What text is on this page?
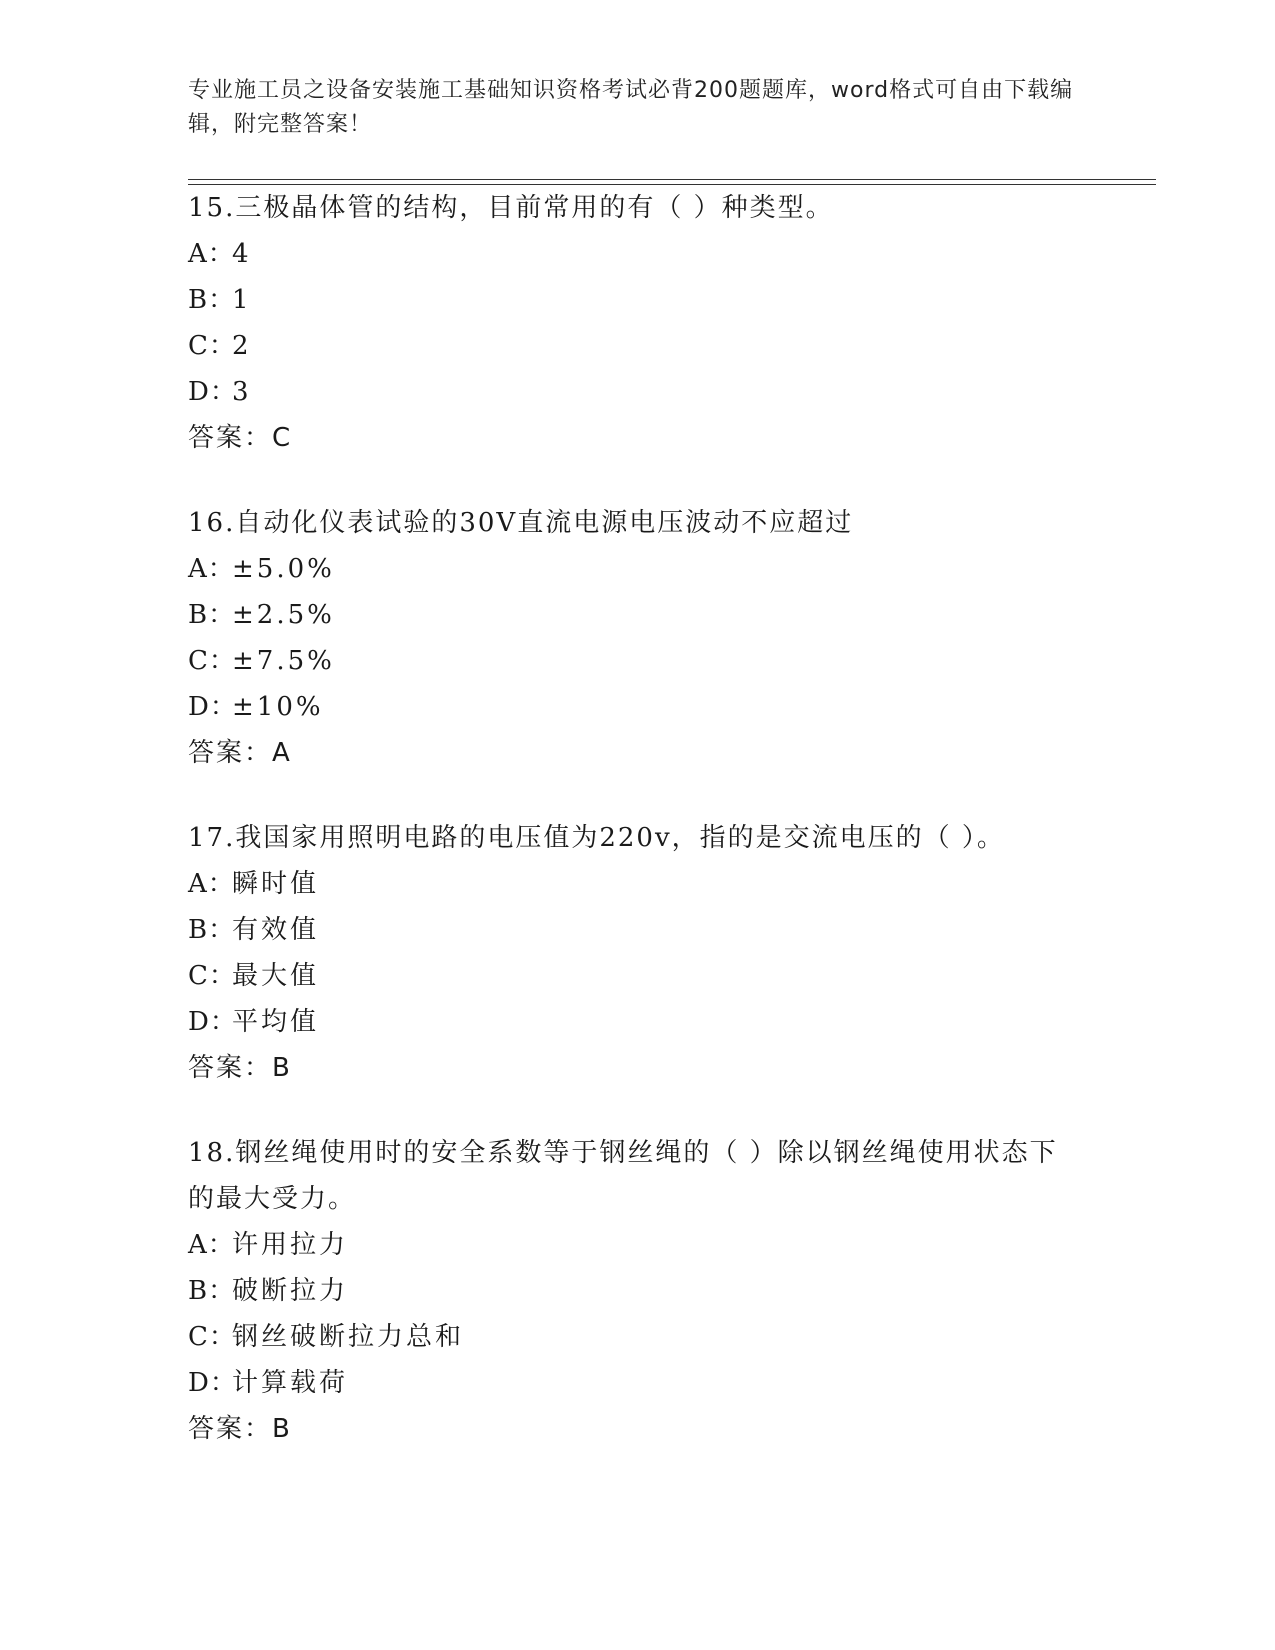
专业施工员之设备安装施工基础知识资格考试必背200题题库，word格式可自由下载编辑，附完整答案！

15.三极晶体管的结构，目前常用的有（ ）种类型。

A：
4
B：
1
C：
2
D：
3
答案：C

16.自动化仪表试验的30V直流电源电压波动不应超过

A：
±5.0%
B：
±2.5%
C：
±7.5%
D：
±10%
答案：A

17.我国家用照明电路的电压值为220v，指的是交流电压的（ ）。

A：
瞬时值
B：
有效值
C：
最大值
D：
平均值
答案：B

18.钢丝绳使用时的安全系数等于钢丝绳的（ ）除以钢丝绳使用状态下的最大受力。

A：
许用拉力
B：
破断拉力
C：
钢丝破断拉力总和
D：
计算载荷
答案：B
